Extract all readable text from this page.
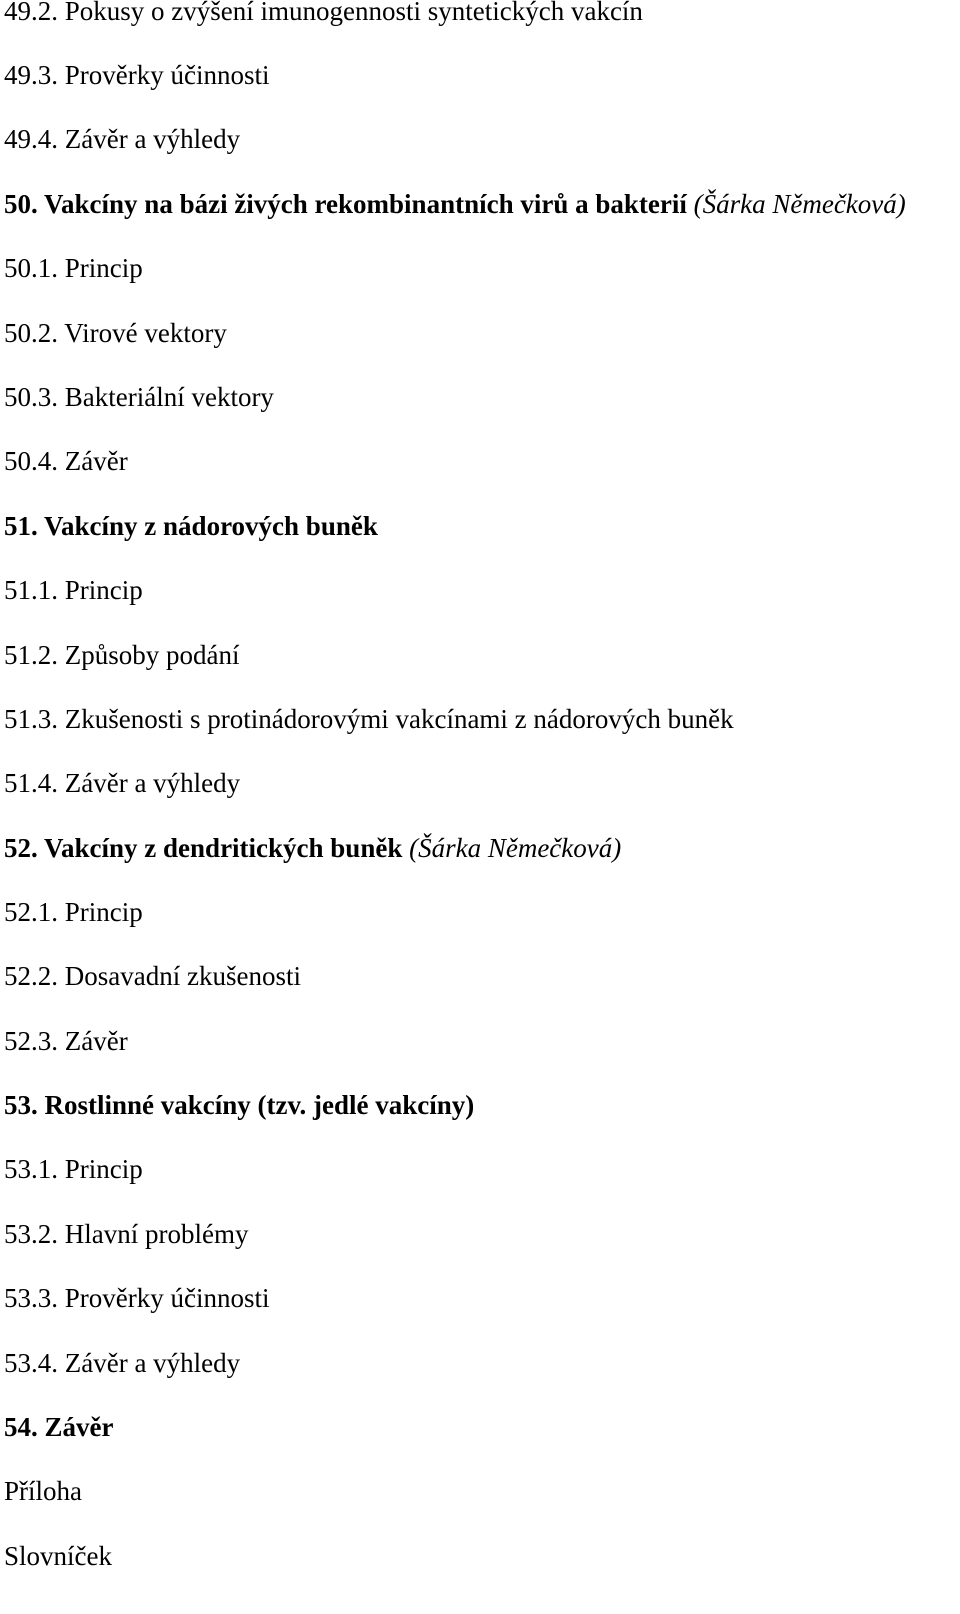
49.2. Pokusy o zvýšení imunogennosti syntetických vakcín
49.3. Prověrky účinnosti
49.4. Závěr a výhledy
50. Vakcíny na bázi živých rekombinantních virů a bakterií (Šárka Němečková)
50.1. Princip
50.2. Virové vektory
50.3. Bakteriální vektory
50.4. Závěr
51. Vakcíny z nádorových buněk
51.1. Princip
51.2. Způsoby podání
51.3. Zkušenosti s protinádorovými vakcínami z nádorových buněk
51.4. Závěr a výhledy
52. Vakcíny z dendritických buněk (Šárka Němečková)
52.1. Princip
52.2. Dosavadní zkušenosti
52.3. Závěr
53. Rostlinné vakcíny (tzv. jedlé vakcíny)
53.1. Princip
53.2. Hlavní problémy
53.3. Prověrky účinnosti
53.4. Závěr a výhledy
54. Závěr
Příloha
Slovníček
